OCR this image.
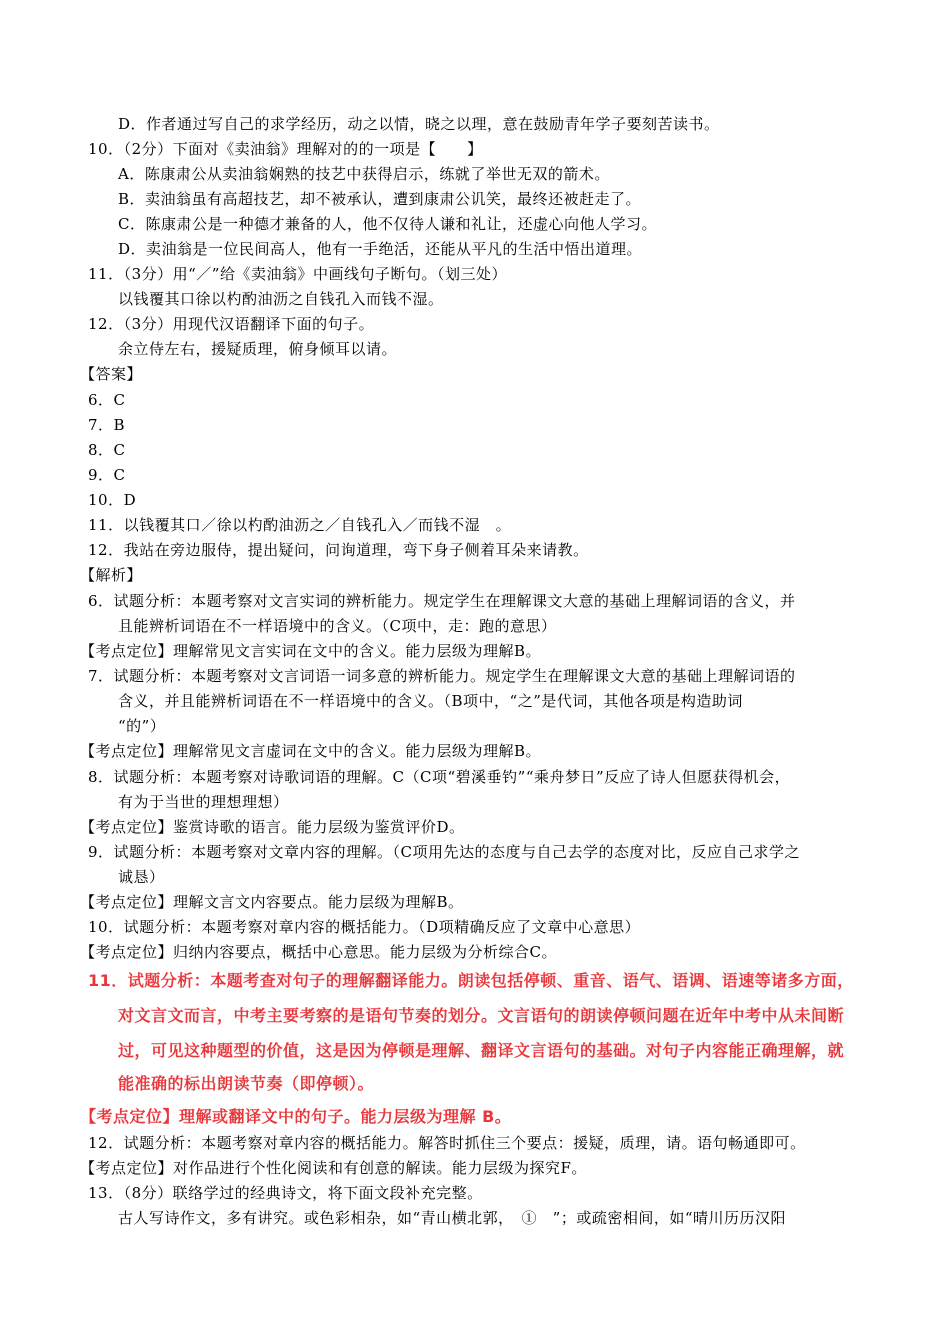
D．作者通过写自己的求学经历，动之以情，晓之以理，意在鼓励青年学子要刻苦读书。
10．（2分）下面对《卖油翁》理解对的的一项是【　　】
A．陈康肃公从卖油翁娴熟的技艺中获得启示，练就了举世无双的箭术。
B．卖油翁虽有高超技艺，却不被承认，遭到康肃公讥笑，最终还被赶走了。
C．陈康肃公是一种德才兼备的人，他不仅待人谦和礼让，还虚心向他人学习。
D．卖油翁是一位民间高人，他有一手绝活，还能从平凡的生活中悟出道理。
11．（3分）用“／”给《卖油翁》中画线句子断句。（划三处）
以钱覆其口徐以杓酌油沥之自钱孔入而钱不湿。
12．（3分）用现代汉语翻译下面的句子。
余立侍左右，援疑质理，俯身倾耳以请。
【答案】
6．C
7．B
8．C
9．C
10．D
11．以钱覆其口／徐以杓酌油沥之／自钱孔入／而钱不湿　。
12．我站在旁边服侍，提出疑问，问询道理，弯下身子侧着耳朵来请教。
【解析】
6．试题分析：本题考察对文言实词的辨析能力。规定学生在理解课文大意的基础上理解词语的含义，并
且能辨析词语在不一样语境中的含义。（C项中，走：跑的意思）
【考点定位】理解常见文言实词在文中的含义。能力层级为理解B。
7．试题分析：本题考察对文言词语一词多意的辨析能力。规定学生在理解课文大意的基础上理解词语的
含义，并且能辨析词语在不一样语境中的含义。（B项中，“之”是代词，其他各项是构造助词
“的”）
【考点定位】理解常见文言虚词在文中的含义。能力层级为理解B。
8．试题分析：本题考察对诗歌词语的理解。C（C项“碧溪垂钓”“乘舟梦日”反应了诗人但愿获得机会，
有为于当世的理想理想）
【考点定位】鉴赏诗歌的语言。能力层级为鉴赏评价D。
9．试题分析：本题考察对文章内容的理解。（C项用先达的态度与自己去学的态度对比，反应自己求学之
诚恳）
【考点定位】理解文言文内容要点。能力层级为理解B。
10．试题分析：本题考察对章内容的概括能力。（D项精确反应了文章中心意思）
【考点定位】归纳内容要点，概括中心意思。能力层级为分析综合C。
11．试题分析：本题考查对句子的理解翻译能力。朗读包括停顿、重音、语气、语调、语速等诸多方面，
对文言文而言，中考主要考察的是语句节奏的划分。文言语句的朗读停顿问题在近年中考中从未间断
过，可见这种题型的价值，这是因为停顿是理解、翻译文言语句的基础。对句子内容能正确理解，就
能准确的标出朗读节奏（即停顿）。
【考点定位】理解或翻译文中的句子。能力层级为理解 B。
12．试题分析：本题考察对章内容的概括能力。解答时抓住三个要点：援疑，质理，请。语句畅通即可。
【考点定位】对作品进行个性化阅读和有创意的解读。能力层级为探究F。
13．（8分）联络学过的经典诗文，将下面文段补充完整。
古人写诗作文，多有讲究。或色彩相杂，如“青山横北郭，　①　”；或疏密相间，如“晴川历历汉阳
